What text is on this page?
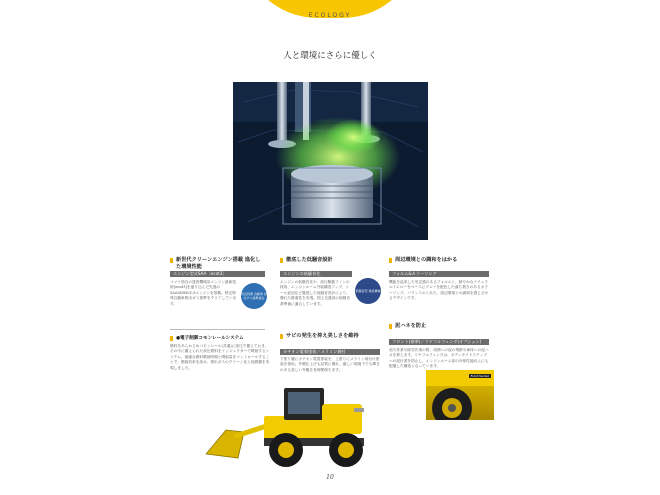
ECOLOGY
人と環境にさらに優しく
新世代クリーンエンジン搭載 進化した環境性能
エンジン型式SAA［ecot3］
コマツ独自の建設機械用エンジン最新技術[ecot3]を盛り込んだ先進のSAA4D95LE-5エンジンを搭載。特定特殊自動車排出ガス基準をクリアしています。
特定特殊 自動車 排出ガス基準適合
●電子制御コモンレールシステム
燃料をあらかじめコモンレール(共通)に高圧で蓄えておき、その中に蓄えられた高圧燃料をインジェクターで噴射するシステム。最適な燃料噴射時期と噴射量をコントロールすることで、燃焼効率を高め、排出ガスのクリーン化と低燃費を実現しました。
徹底した低騒音設計
エンジンの低騒音化
エンジンの低騒音化や、油圧駆動ファンの採用、エンジンルーム外装構造アップ、シール追加など徹底した低騒音設計により、優れた静粛性を実現。国土交通省の低騒音基準値に適合しています。
低騒音型 建設機械
サビの発生を抑え美しさを維持
カチオン電着塗装／メラミン焼付
下塗り層にカチオン電着塗装を、上塗りにメラミン焼付け塗装を採用。外観仕上げも品質に優れ、厳しい環境下でも輝きのある美しい外観を長時間保ちます。
周辺環境との調和をはかる
フォルム&カラーリング
機能を追求した安定感のあるフォルムと、鮮やかなナチュラルイエローをベースにグレーを配色した落ち着きのあるカラーリング。バランスのとれた、周辺環境との調和を感じさせるデザインです。
泥ハネを防止
フロント(標準)／リヤフルフェンダ(オプション)
前方作業や除雪作業の際、周囲への泥の飛散や車体への泥ハネを抑えます。リヤフルフェンダは、ボディサイドステップへの泥付着を防止し、エンジンルーム部の冷却性能向上にも配慮した構造となっています。
Front fender
10
